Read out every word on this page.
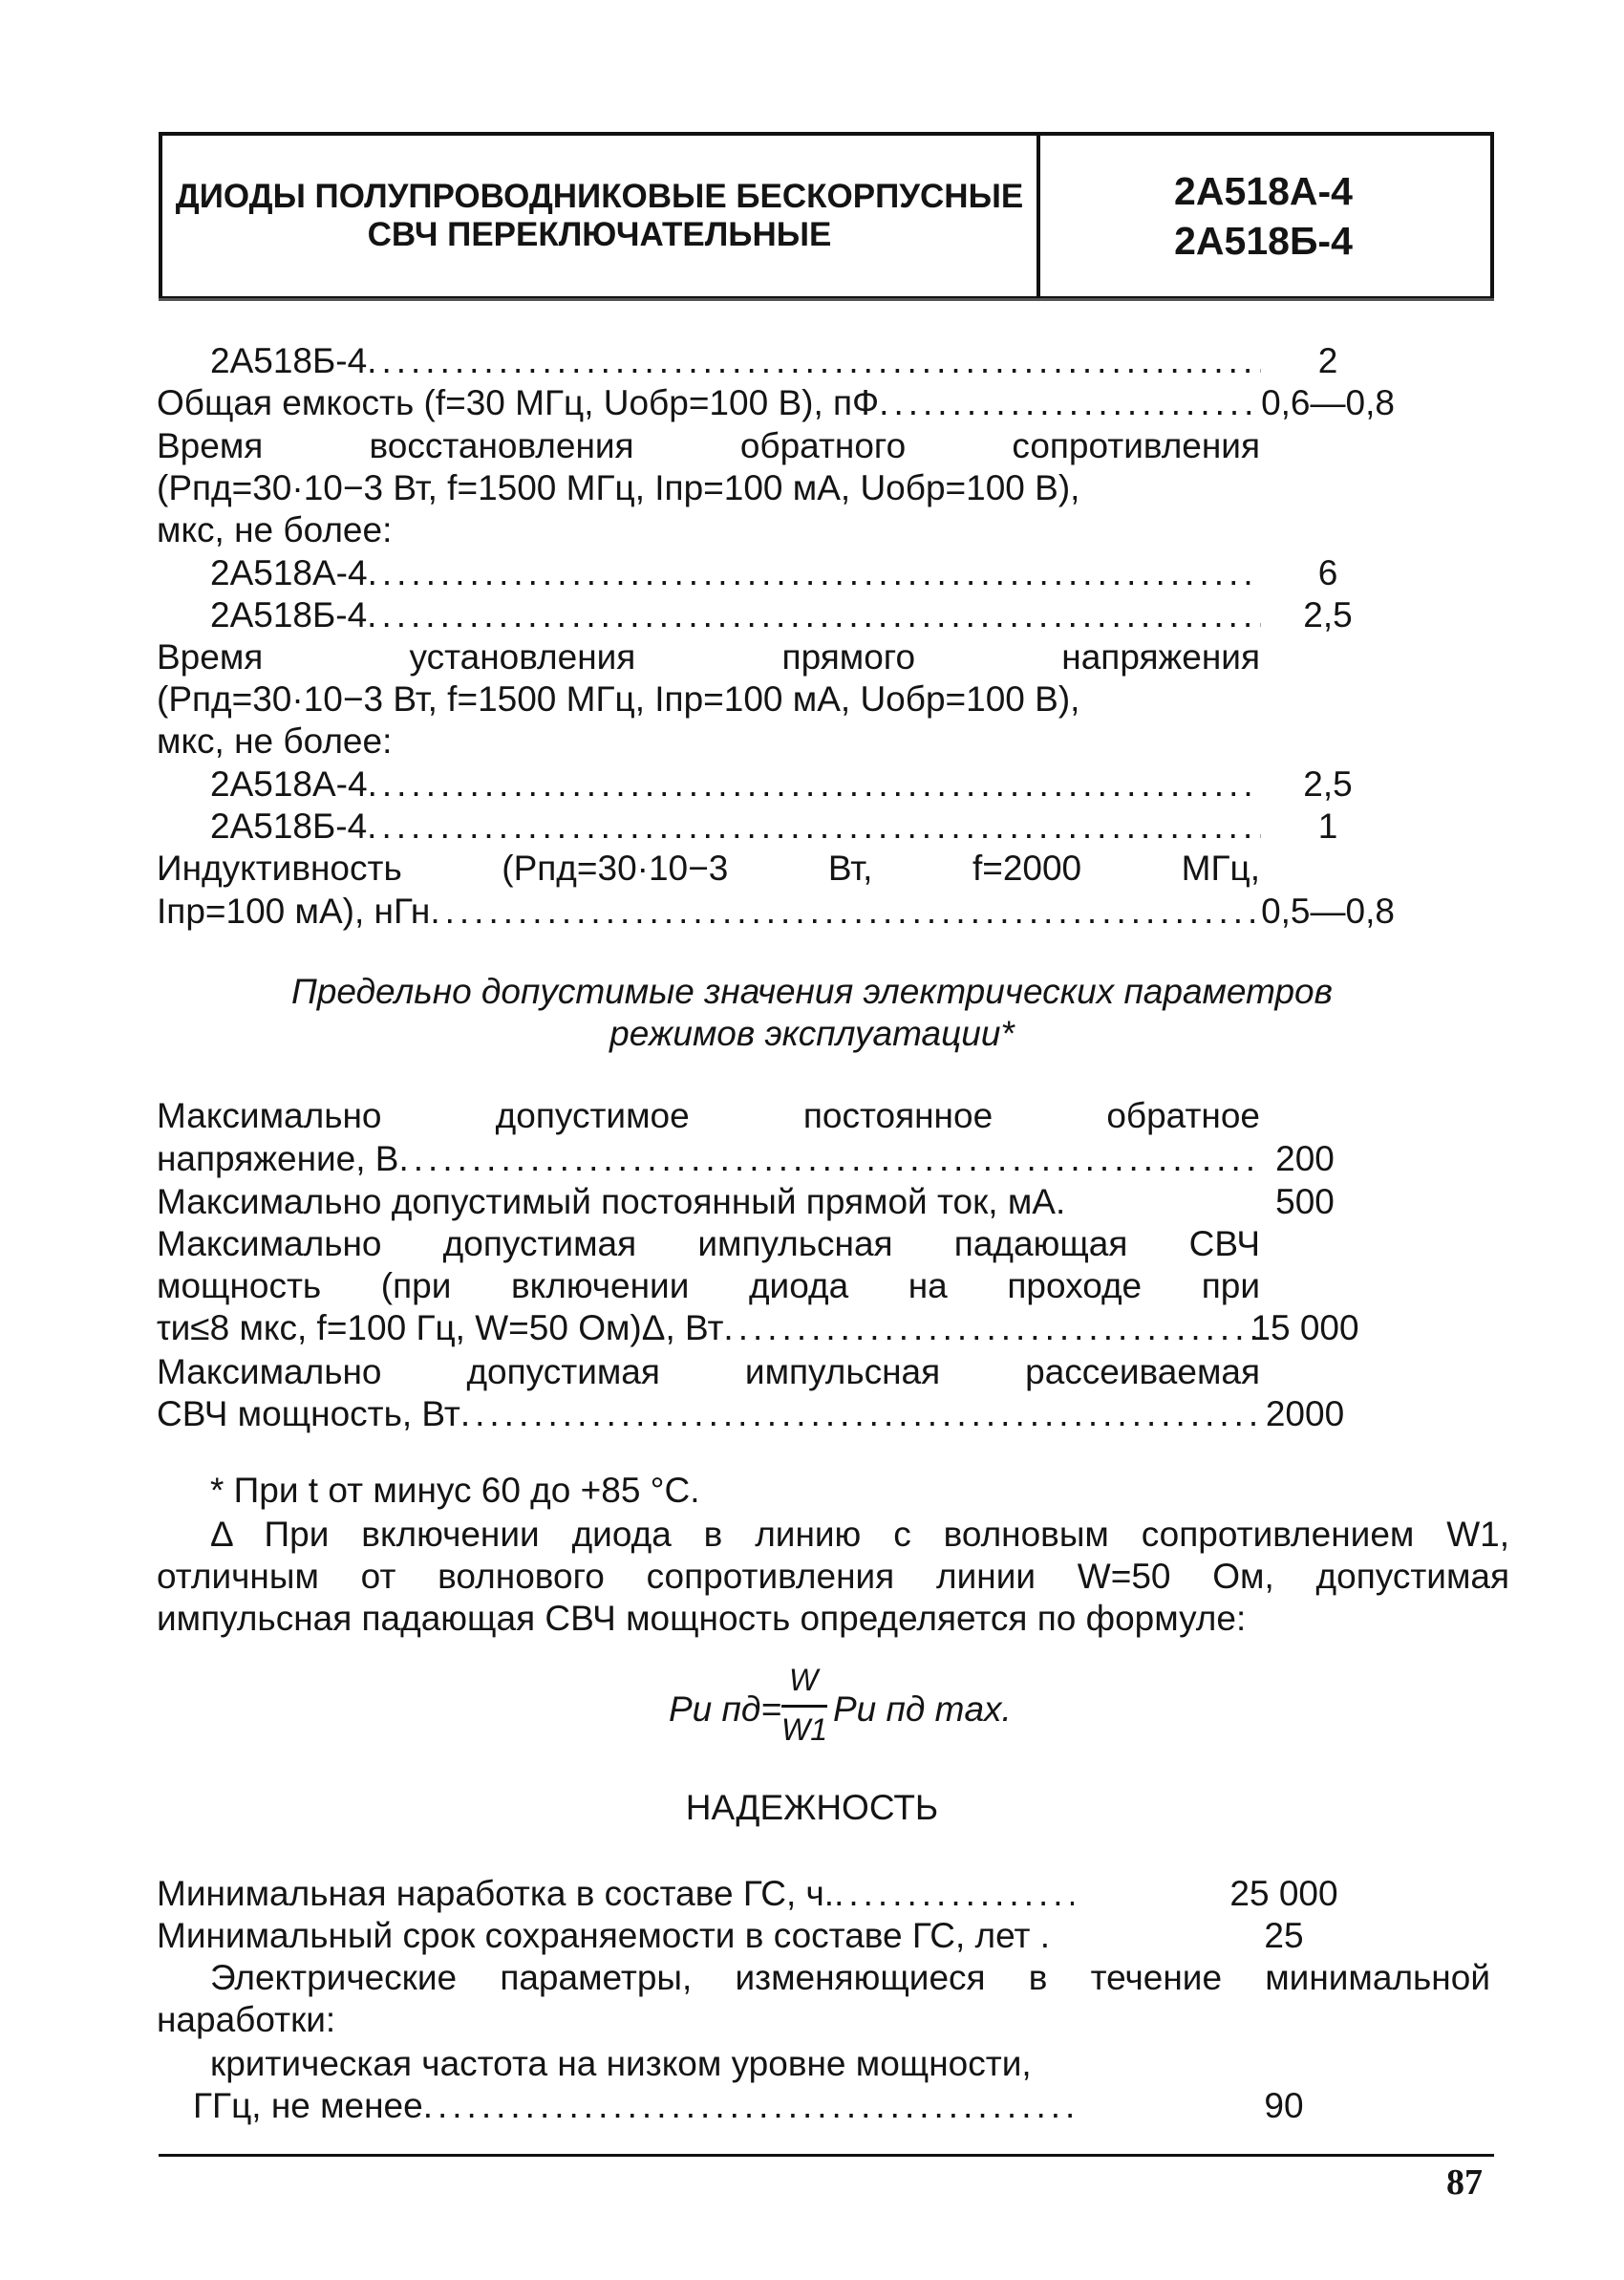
ДИОДЫ ПОЛУПРОВОДНИКОВЫЕ БЕСКОРПУСНЫЕ
СВЧ ПЕРЕКЛЮЧАТЕЛЬНЫЕ
2А518А-4
2А518Б-4
2А518Б-4 .....	2
Общая емкость (f=30 МГц, Uобр=100 В), пФ .....	0,6—0,8
Время восстановления обратного сопротивления
(Pпд=30·10−3 Вт, f=1500 МГц, Iпр=100 мА, Uобр=100 В),
мкс, не более:
2А518А-4 .....	6
2А518Б-4 .....	2,5
Время установления прямого напряжения
(Pпд=30·10−3 Вт, f=1500 МГц, Iпр=100 мА, Uобр=100 В),
мкс, не более:
2А518А-4 .....	2,5
2А518Б-4 .....	1
Индуктивность (Pпд=30·10−3 Вт, f=2000 МГц,
Iпр=100 мА), нГн .....	0,5—0,8
Предельно допустимые значения электрических параметров
режимов эксплуатации*
Максимально допустимое постоянное обратное
напряжение, В .....	200
Максимально допустимый постоянный прямой ток, мА.	500
Максимально допустимая импульсная падающая СВЧ
мощность (при включении диода на проходе при
τи≤8 мкс, f=100 Гц, W=50 Ом)Δ, Вт .....	15 000
Максимально допустимая импульсная рассеиваемая
СВЧ мощность, Вт .....	2000
* При t от минус 60 до +85 °С.
Δ При включении диода в линию с волновым сопротивлением W1,
отличным от волнового сопротивления линии W=50 Ом, допустимая
импульсная падающая СВЧ мощность определяется по формуле:
Pи пд=
W
W1
Pи пд max.
НАДЕЖНОСТЬ
Минимальная наработка в составе ГС, ч. .....	25 000
Минимальный срок сохраняемости в составе ГС, лет .	25
Электрические параметры, изменяющиеся в течение минимальной
наработки:
критическая частота на низком уровне мощности,
ГГц, не менее .....	90
87
